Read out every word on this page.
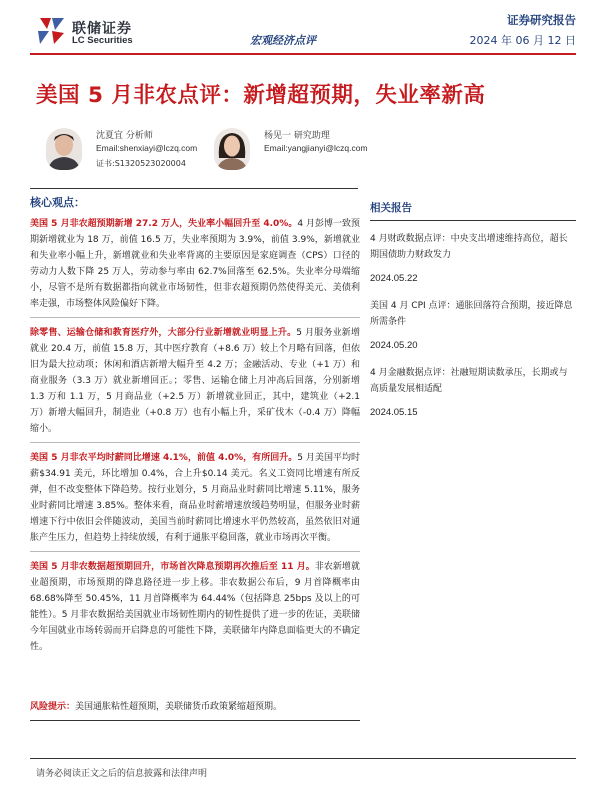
联储证券
LC Securities	宏观经济点评
证券研究报告
2024 年 06 月 12 日
美国 5 月非农点评：新增超预期，失业率新高
沈夏宜 分析师
Email:shenxiayi@lczq.com
证书:S1320523020004
杨见一 研究助理
Email:yangjianyi@lczq.com
核心观点：

美国 5 月非农超预期新增 27.2 万人，失业率小幅回升至 4.0%。4 月彭博一致预期新增就业为 18 万，前值 16.5 万，失业率预期为 3.9%，前值 3.9%，新增就业和失业率小幅上升，新增就业和失业率背离的主要原因是家庭调查（CPS）口径的劳动力人数下降 25 万人，劳动参与率由 62.7%回落至 62.5%。失业率分母端缩小，尽管不是所有数据都指向就业市场韧性，但非农超预期仍然使得美元、美债利率走强，市场整体风险偏好下降。

除零售、运输仓储和教育医疗外，大部分行业新增就业明显上升。5 月服务业新增就业 20.4 万，前值 15.8 万，其中医疗教育（+8.6 万）较上个月略有回落，但依旧为最大拉动项；休闲和酒店新增大幅升至 4.2 万；金融活动、专业（+1 万）和商业服务（3.3 万）就业新增回正。；零售、运输仓储上月冲高后回落，分别新增 1.3 万和 1.1 万，5 月商品业（+2.5 万）新增就业回正，其中，建筑业（+2.1 万）新增大幅回升，制造业（+0.8 万）也有小幅上升，采矿伐木（-0.4 万）降幅缩小。

美国 5 月非农平均时薪同比增速 4.1%，前值 4.0%，有所回升。5 月美国平均时薪$34.91 美元，环比增加 0.4%，合上升$0.14 美元。名义工资同比增速有所反弹，但不改变整体下降趋势。按行业划分，5 月商品业时薪同比增速 5.11%，服务业时薪同比增速 3.85%。整体来看，商品业时薪增速放缓趋势明显，但服务业时薪增速下行中依旧会伴随波动，美国当前时薪同比增速水平仍然较高，虽然依旧对通胀产生压力，但趋势上持续放缓，有利于通胀平稳回落，就业市场再次平衡。

美国 5 月非农数据超预期回升，市场首次降息预期再次推后至 11 月。非农新增就业超预期，市场预期的降息路径进一步上移。非农数据公布后，9 月首降概率由 68.68%降至 50.45%，11 月首降概率为 64.44%（包括降息 25bps 及以上的可能性）。5 月非农数据给美国就业市场韧性期内的韧性提供了进一步的佐证，美联储今年国就业市场转弱而开启降息的可能性下降，美联储年内降息面临更大的不确定性。

风险提示：美国通胀粘性超预期，美联储货币政策紧缩超预期。
相关报告
4 月财政数据点评：中央支出增速维持高位，超长期国债助力财政发力
2024.05.22
美国 4 月 CPI 点评：通胀回落符合预期，接近降息所需条件
2024.05.20
4 月金融数据点评：社融短期读数承压，长期或与高质量发展相适配
2024.05.15
请务必阅读正文之后的信息披露和法律声明
